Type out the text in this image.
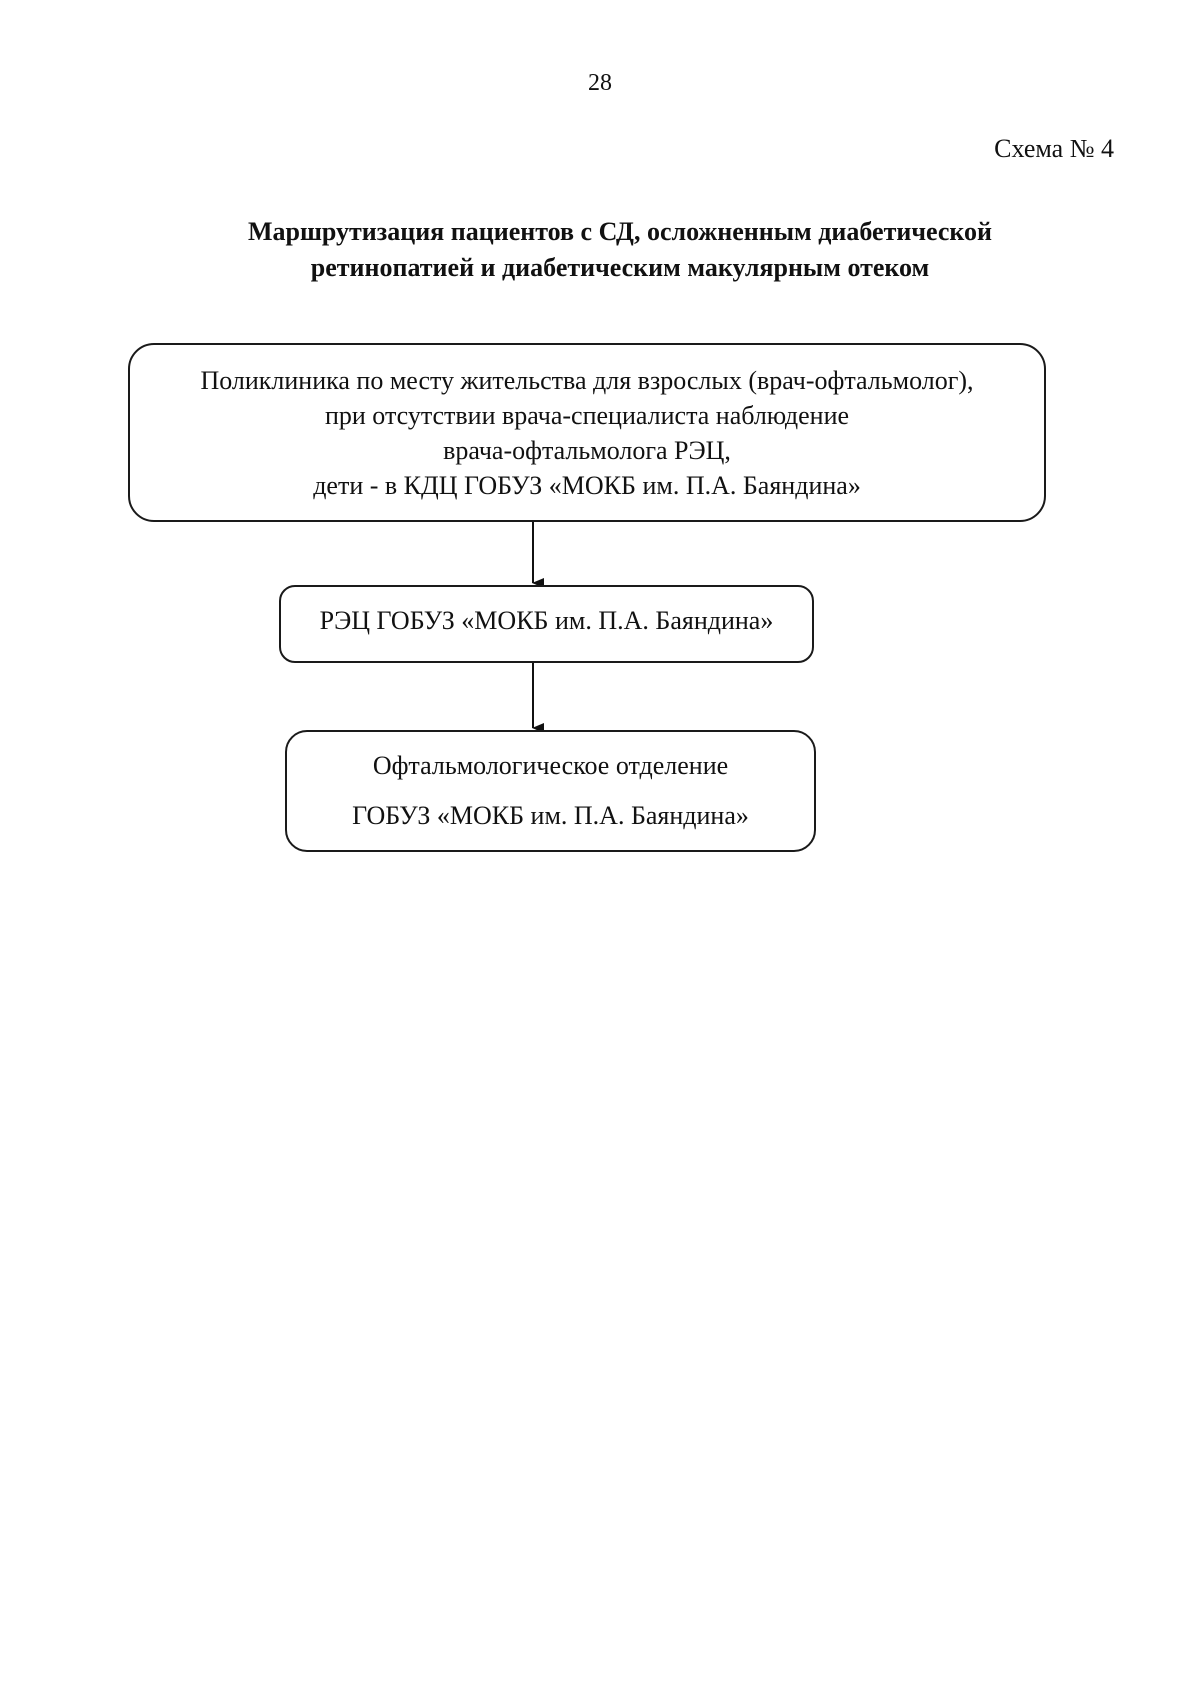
28
Схема № 4
Маршрутизация пациентов с СД, осложненным диабетической
ретинопатией и диабетическим макулярным отеком
Поликлиника по месту жительства для взрослых (врач-офтальмолог),
при отсутствии врача-специалиста наблюдение
врача-офтальмолога РЭЦ,
дети - в КДЦ ГОБУЗ «МОКБ им. П.А. Баяндина»
РЭЦ ГОБУЗ «МОКБ им. П.А. Баяндина»
Офтальмологическое отделение
ГОБУЗ «МОКБ им. П.А. Баяндина»
